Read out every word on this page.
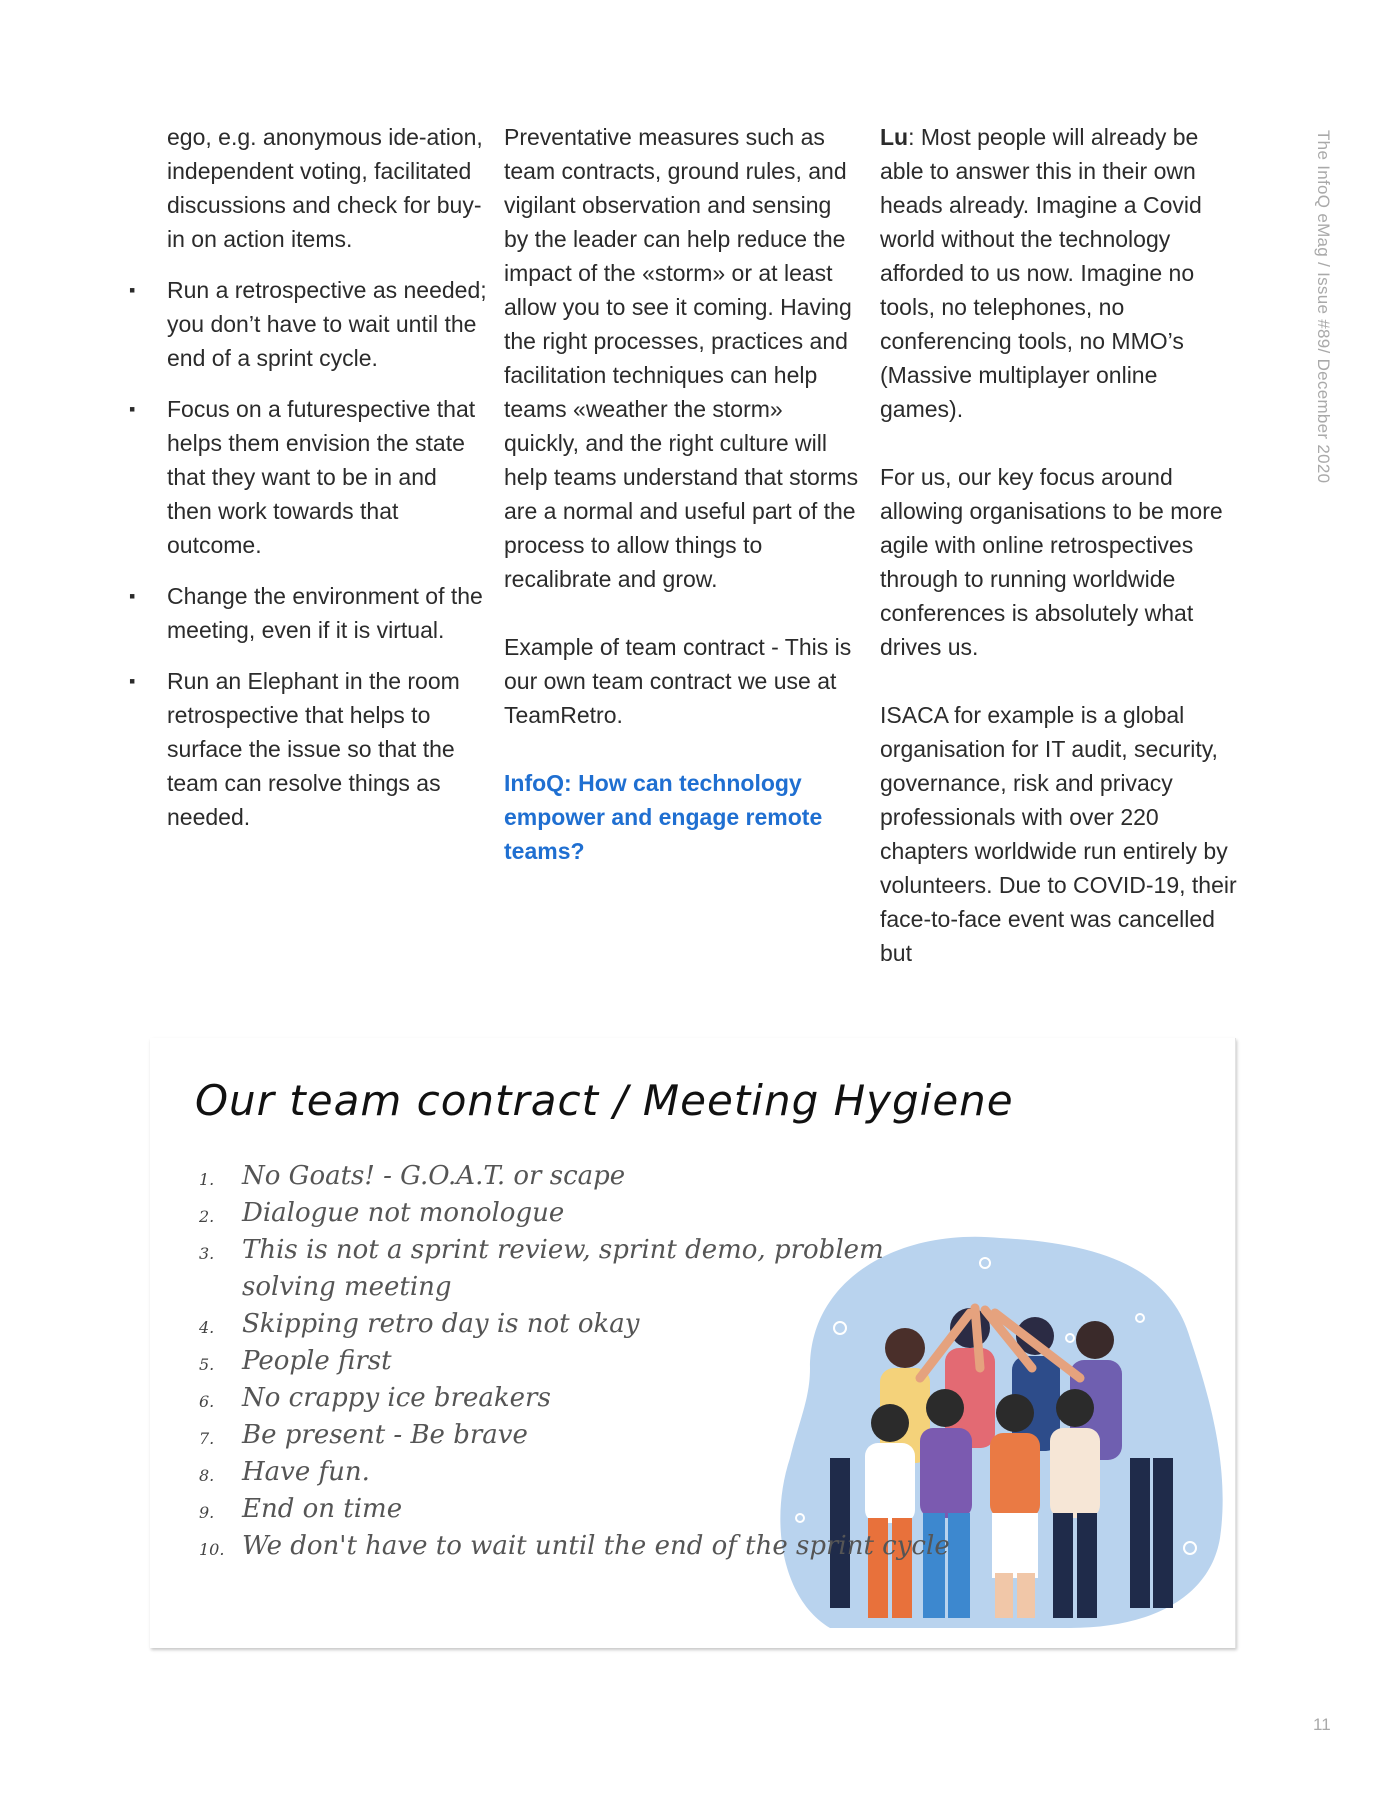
The InfoQ eMag / Issue #89/ December 2020
11

ego, e.g. anonymous ide-ation, independent voting, facilitated discussions and check for buy-in on action items.

▪ Run a retrospective as needed; you don’t have to wait until the end of a sprint cycle.

▪ Focus on a futurespective that helps them envision the state that they want to be in and then work towards that outcome.

▪ Change the environment of the meeting, even if it is virtual.

▪ Run an Elephant in the room retrospective that helps to surface the issue so that the team can resolve things as needed.

Preventative measures such as team contracts, ground rules, and vigilant observation and sensing by the leader can help reduce the impact of the «storm» or at least allow you to see it coming. Having the right processes, practices and facilitation techniques can help teams «weather the storm» quickly, and the right culture will help teams understand that storms are a normal and useful part of the process to allow things to recalibrate and grow.

Example of team contract - This is our own team contract we use at TeamRetro.

InfoQ: How can technology empower and engage remote teams?

Lu: Most people will already be able to answer this in their own heads already. Imagine a Covid world without the technology afforded to us now. Imagine no tools, no telephones, no conferencing tools, no MMO’s (Massive multiplayer online games).

For us, our key focus around allowing organisations to be more agile with online retrospectives through to running worldwide conferences is absolutely what drives us.

ISACA for example is a global organisation for IT audit, security, governance, risk and privacy professionals with over 220 chapters worldwide run entirely by volunteers. Due to COVID-19, their face-to-face event was cancelled but

Our team contract / Meeting Hygiene
1. No Goats! - G.O.A.T. or scape
2. Dialogue not monologue
3. This is not a sprint review, sprint demo, problem solving meeting
4. Skipping retro day is not okay
5. People first
6. No crappy ice breakers
7. Be present - Be brave
8. Have fun.
9. End on time
10. We don't have to wait until the end of the sprint cycle
